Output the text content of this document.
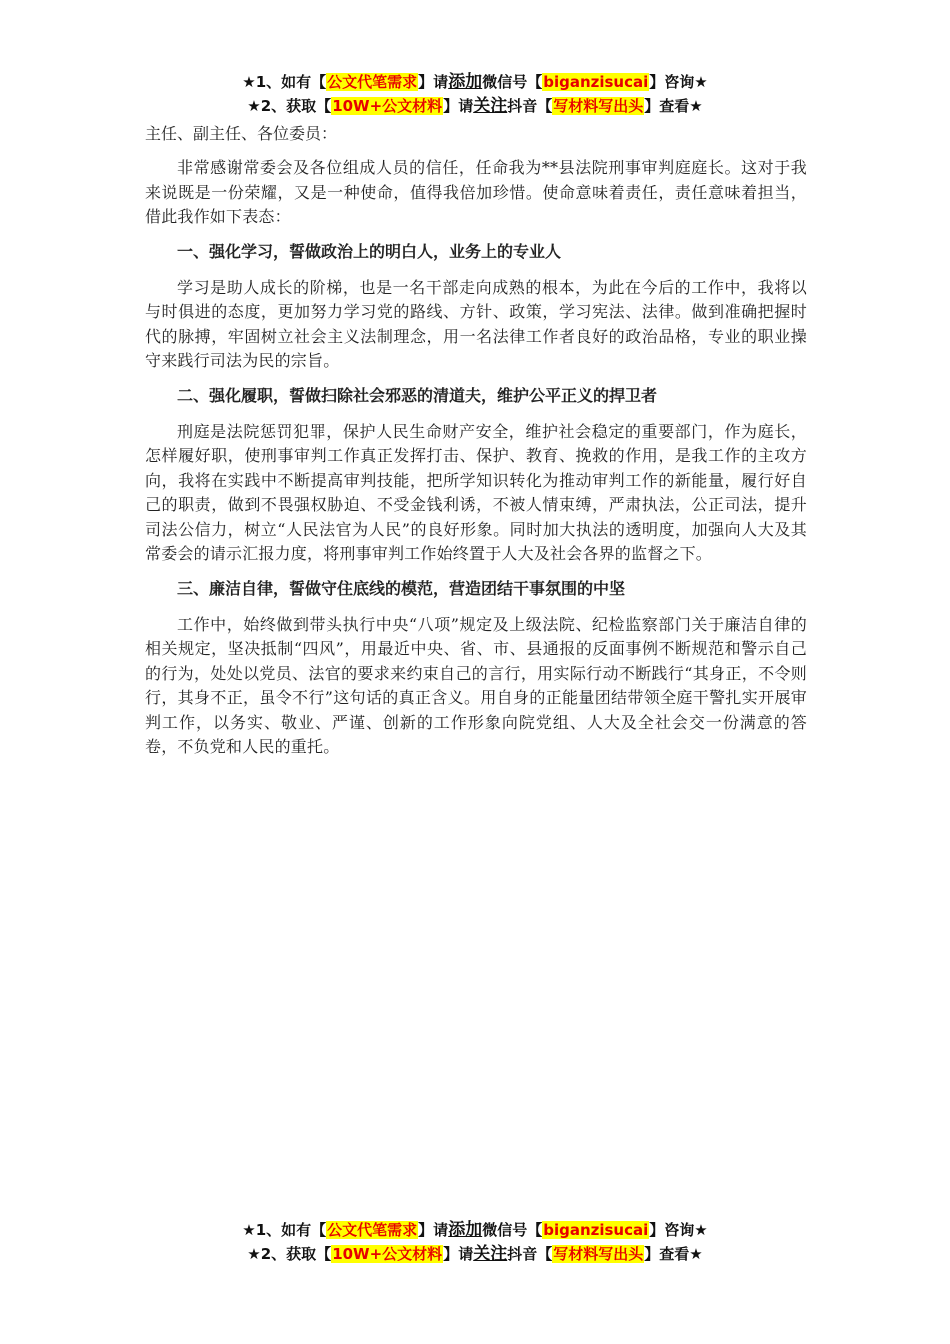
★1、如有【公文代笔需求】请添加微信号【biganzisucai】咨询★
★2、获取【10W+公文材料】请关注抖音【写材料写出头】查看★
主任、副主任、各位委员：

非常感谢常委会及各位组成人员的信任，任命我为**县法院刑事审判庭庭长。这对于我来说既是一份荣耀，又是一种使命，值得我倍加珍惜。使命意味着责任，责任意味着担当，借此我作如下表态：

一、强化学习，誓做政治上的明白人，业务上的专业人

学习是助人成长的阶梯，也是一名干部走向成熟的根本，为此在今后的工作中，我将以与时俱进的态度，更加努力学习党的路线、方针、政策，学习宪法、法律。做到准确把握时代的脉搏，牢固树立社会主义法制理念，用一名法律工作者良好的政治品格，专业的职业操守来践行司法为民的宗旨。

二、强化履职，誓做扫除社会邪恶的清道夫，维护公平正义的捍卫者

刑庭是法院惩罚犯罪，保护人民生命财产安全，维护社会稳定的重要部门，作为庭长，怎样履好职，使刑事审判工作真正发挥打击、保护、教育、挽救的作用，是我工作的主攻方向，我将在实践中不断提高审判技能，把所学知识转化为推动审判工作的新能量，履行好自己的职责，做到不畏强权胁迫、不受金钱利诱，不被人情束缚，严肃执法，公正司法，提升司法公信力，树立“人民法官为人民”的良好形象。同时加大执法的透明度，加强向人大及其常委会的请示汇报力度，将刑事审判工作始终置于人大及社会各界的监督之下。

三、廉洁自律，誓做守住底线的模范，营造团结干事氛围的中坚

工作中，始终做到带头执行中央“八项”规定及上级法院、纪检监察部门关于廉洁自律的相关规定，坚决抵制“四风”，用最近中央、省、市、县通报的反面事例不断规范和警示自己的行为，处处以党员、法官的要求来约束自己的言行，用实际行动不断践行“其身正，不令则行，其身不正，虽令不行”这句话的真正含义。用自身的正能量团结带领全庭干警扎实开展审判工作，以务实、敬业、严谨、创新的工作形象向院党组、人大及全社会交一份满意的答卷，不负党和人民的重托。

★1、如有【公文代笔需求】请添加微信号【biganzisucai】咨询★
★2、获取【10W+公文材料】请关注抖音【写材料写出头】查看★
